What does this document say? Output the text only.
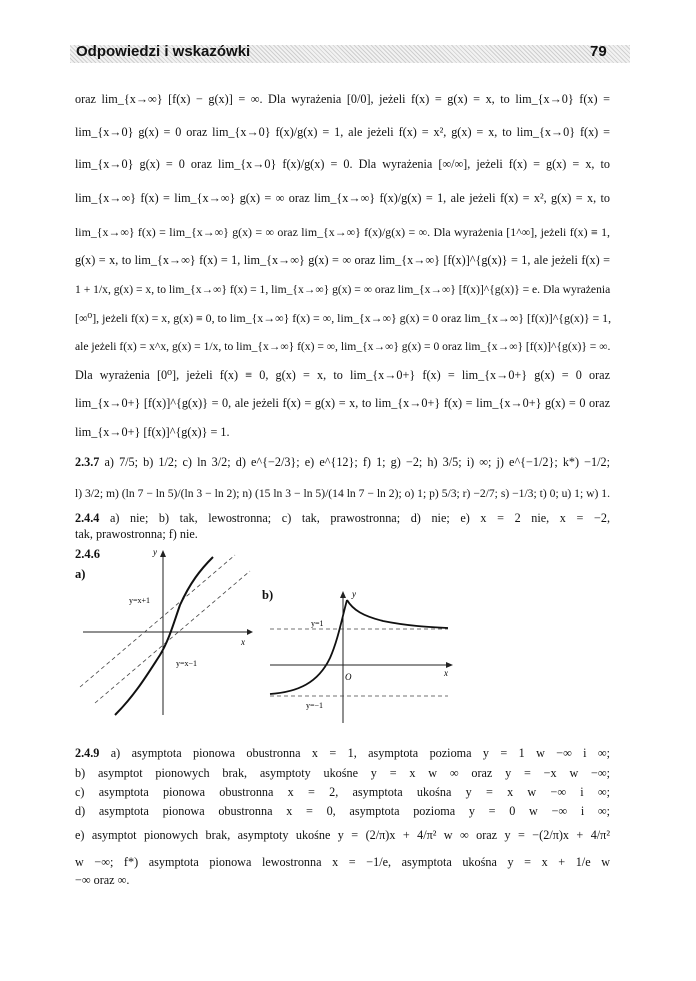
Odpowiedzi i wskazówki	79
oraz lim_{x→∞} [f(x) − g(x)] = ∞. Dla wyrażenia [0/0], jeżeli f(x) = g(x) = x, to lim_{x→0} f(x) =
lim_{x→0} g(x) = 0 oraz lim_{x→0} f(x)/g(x) = 1, ale jeżeli f(x) = x², g(x) = x, to lim_{x→0} f(x) =
lim_{x→0} g(x) = 0 oraz lim_{x→0} f(x)/g(x) = 0. Dla wyrażenia [∞/∞], jeżeli f(x) = g(x) = x, to
lim_{x→∞} f(x) = lim_{x→∞} g(x) = ∞ oraz lim_{x→∞} f(x)/g(x) = 1, ale jeżeli f(x) = x², g(x) = x, to
lim_{x→∞} f(x) = lim_{x→∞} g(x) = ∞ oraz lim_{x→∞} f(x)/g(x) = ∞. Dla wyrażenia [1^∞], jeżeli f(x) ≡ 1,
g(x) = x, to lim_{x→∞} f(x) = 1, lim_{x→∞} g(x) = ∞ oraz lim_{x→∞} [f(x)]^{g(x)} = 1, ale jeżeli f(x) =
1 + 1/x, g(x) = x, to lim_{x→∞} f(x) = 1, lim_{x→∞} g(x) = ∞ oraz lim_{x→∞} [f(x)]^{g(x)} = e. Dla wyrażenia
[∞⁰], jeżeli f(x) = x, g(x) ≡ 0, to lim_{x→∞} f(x) = ∞, lim_{x→∞} g(x) = 0 oraz lim_{x→∞} [f(x)]^{g(x)} = 1,
ale jeżeli f(x) = x^x, g(x) = 1/x, to lim_{x→∞} f(x) = ∞, lim_{x→∞} g(x) = 0 oraz lim_{x→∞} [f(x)]^{g(x)} = ∞.
Dla wyrażenia [0⁰], jeżeli f(x) ≡ 0, g(x) = x, to lim_{x→0+} f(x) = lim_{x→0+} g(x) = 0 oraz
lim_{x→0+} [f(x)]^{g(x)} = 0, ale jeżeli f(x) = g(x) = x, to lim_{x→0+} f(x) = lim_{x→0+} g(x) = 0 oraz
lim_{x→0+} [f(x)]^{g(x)} = 1.
2.3.7 a) 7/5; b) 1/2; c) ln 3/2; d) e^{−2/3}; e) e^{12}; f) 1; g) −2; h) 3/5; i) ∞; j) e^{−1/2}; k*) −1/2;
l) 3/2; m) (ln 7 − ln 5)/(ln 3 − ln 2); n) (15 ln 3 − ln 5)/(14 ln 7 − ln 2); o) 1; p) 5/3; r) −2/7; s) −1/3; t) 0; u) 1; w) 1.
2.4.4 a) nie; b) tak, lewostronna; c) tak, prawostronna; d) nie; e) x = 2 nie, x = −2,
tak, prawostronna; f) nie.
2.4.6
a)
b)
y
x
y=x+1
y=x−1
y
x
O
y=1
y=−1
2.4.9 a) asymptota pionowa obustronna x = 1, asymptota pozioma y = 1 w −∞ i ∞;
b) asymptot pionowych brak, asymptoty ukośne y = x w ∞ oraz y = −x w −∞;
c) asymptota pionowa obustronna x = 2, asymptota ukośna y = x w −∞ i ∞;
d) asymptota pionowa obustronna x = 0, asymptota pozioma y = 0 w −∞ i ∞;
e) asymptot pionowych brak, asymptoty ukośne y = (2/π)x + 4/π² w ∞ oraz y = −(2/π)x + 4/π²
w −∞; f*) asymptota pionowa lewostronna x = −1/e, asymptota ukośna y = x + 1/e w
−∞ oraz ∞.
